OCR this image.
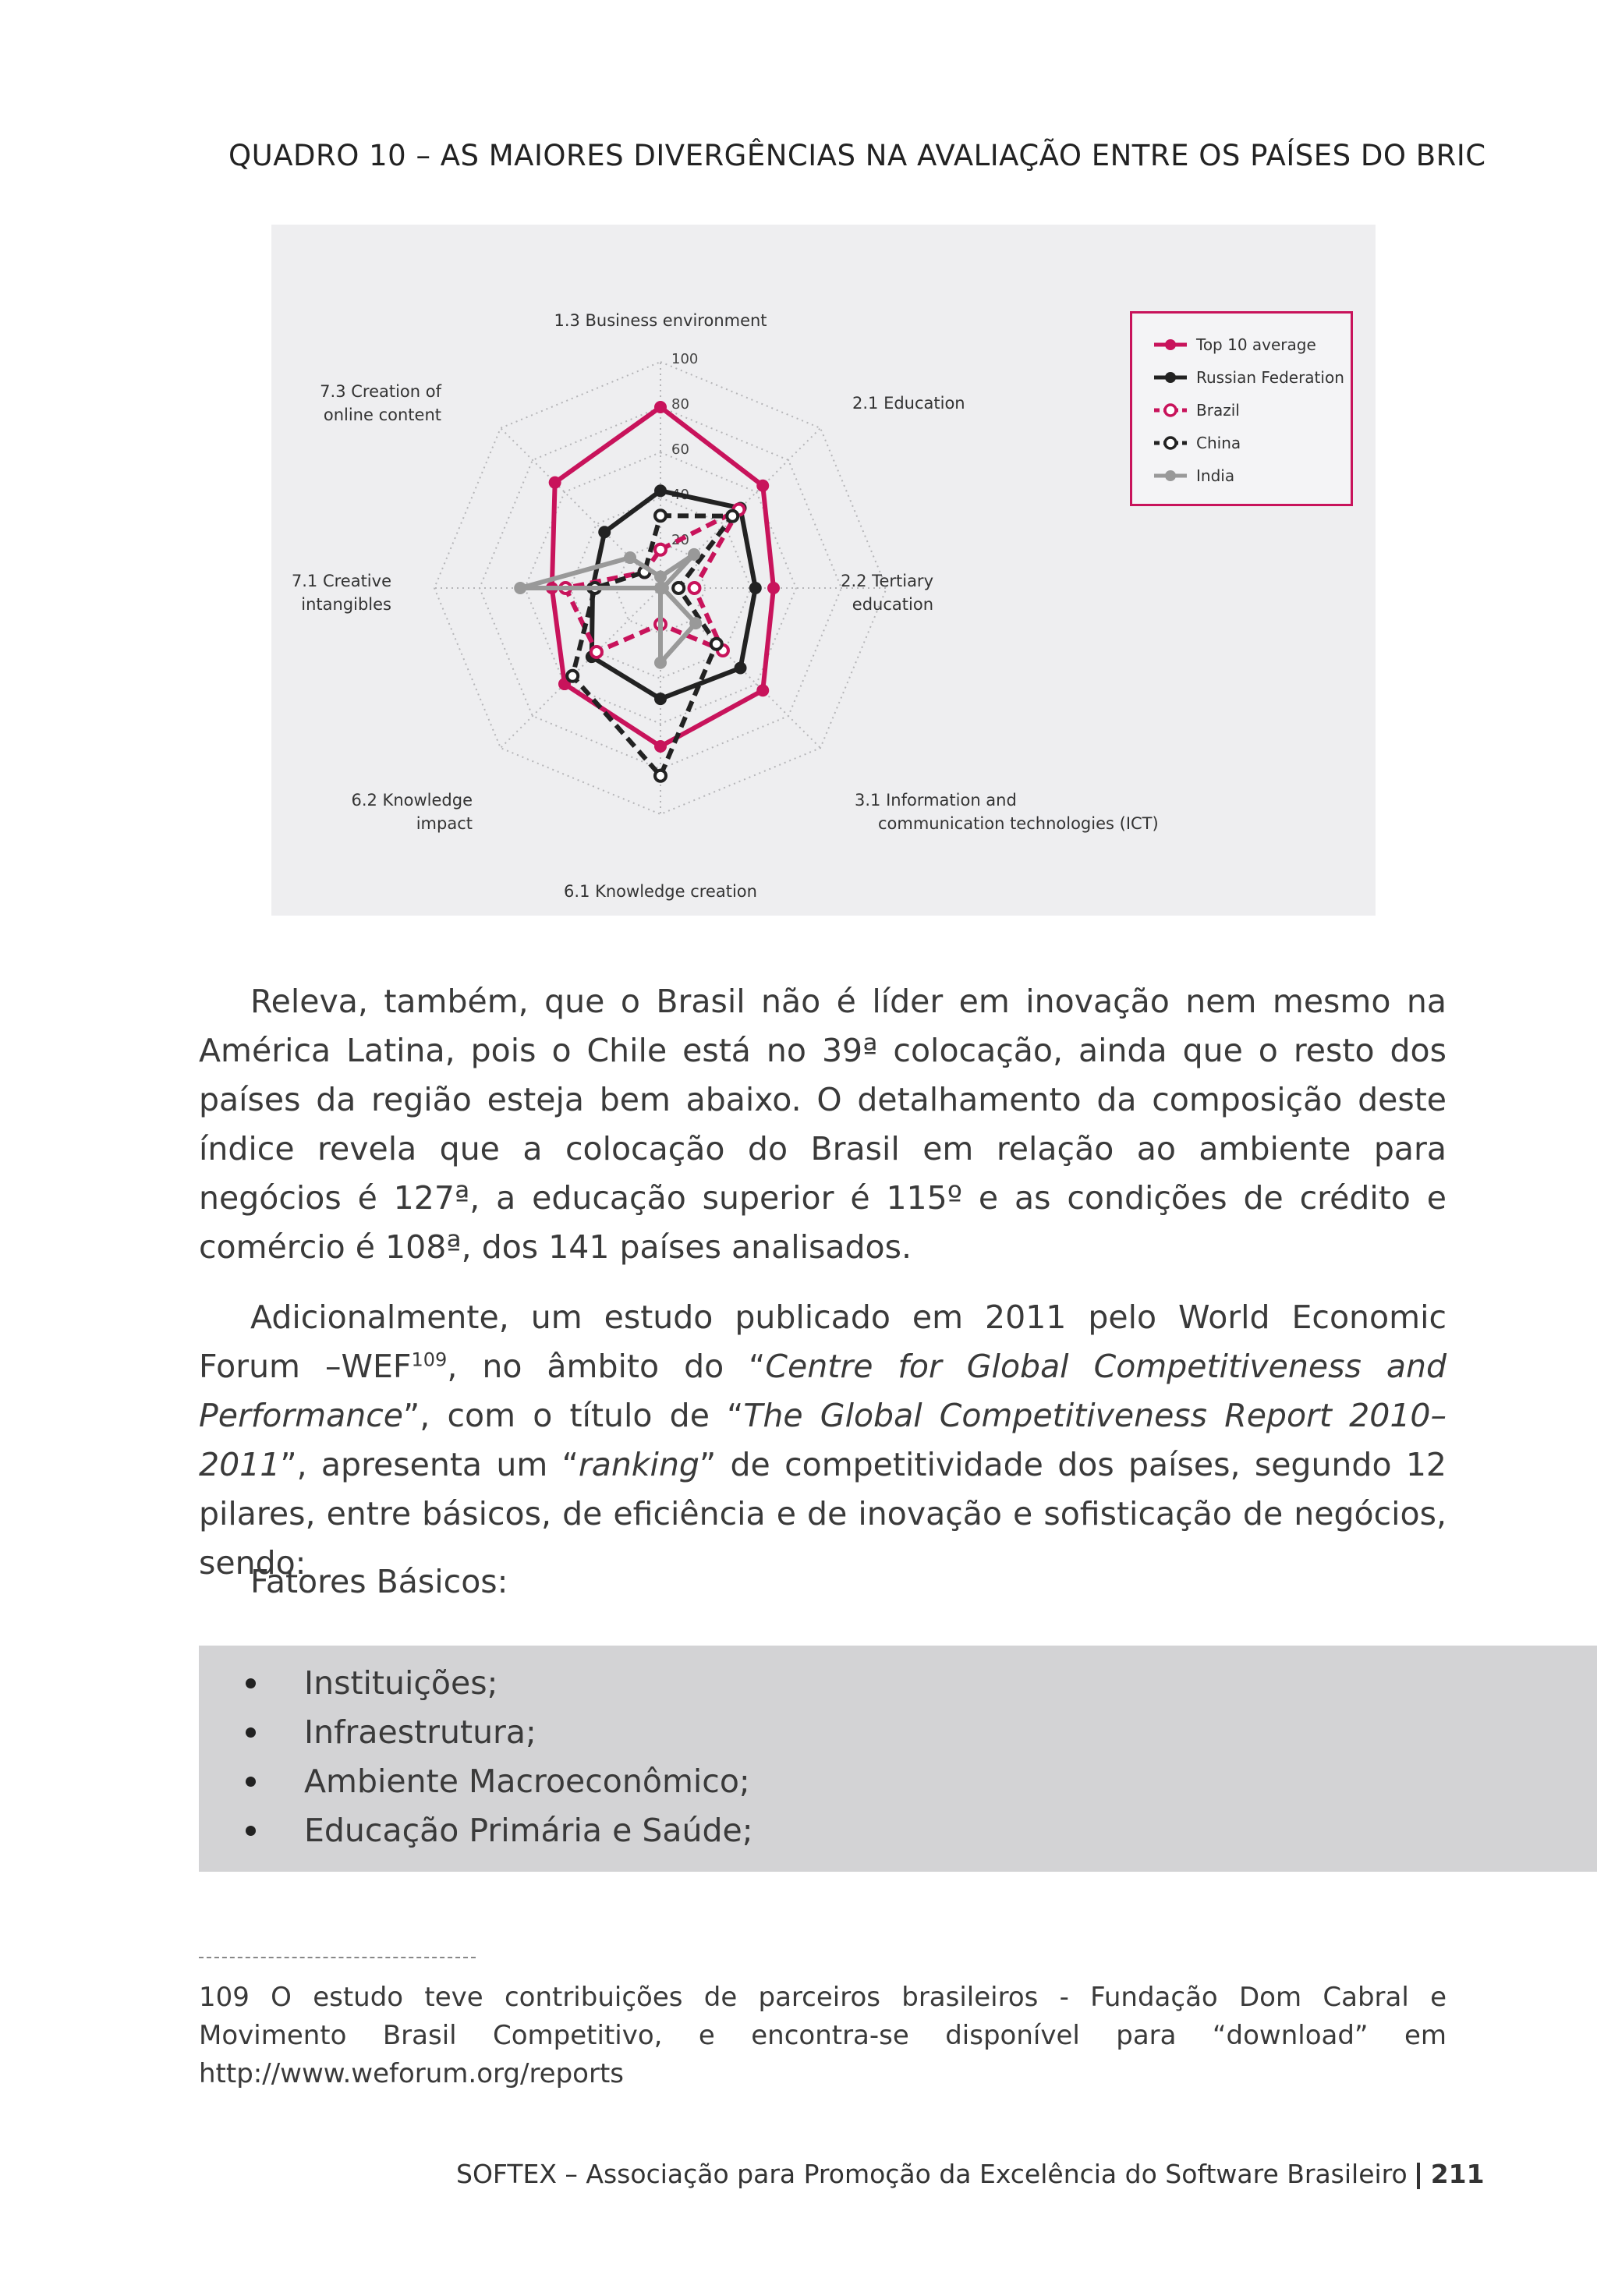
QUADRO 10 – AS MAIORES DIVERGÊNCIAS NA AVALIAÇÃO ENTRE OS PAÍSES DO BRIC
20
40
60
80
100
1.3 Business environment
2.1 Education
2.2 Tertiary
education
3.1 Information and
communication technologies (ICT)
6.1 Knowledge creation
6.2 Knowledge
impact
7.1 Creative
intangibles
7.3 Creation of
online content
Top 10 average
Russian Federation
Brazil
China
India

Releva, também, que o Brasil não é líder em inovação nem mesmo na América Latina, pois o Chile está no 39ª colocação, ainda que o resto dos países da região esteja bem abaixo. O detalhamento da composição deste índice revela que a colocação do Brasil em relação ao ambiente para negócios é 127ª, a educação superior é 115º e as condições de crédito e comércio é 108ª, dos 141 países analisados.

Adicionalmente, um estudo publicado em 2011 pelo World Economic Forum –WEF$^{109}$, no âmbito do “Centre for Global Competitiveness and Performance”, com o título de “The Global Competitiveness Report 2010–2011”, apresenta um “ranking” de competitividade dos países, segundo 12 pilares, entre básicos, de eficiência e de inovação e sofisticação de negócios, sendo:

Fatores Básicos:
Instituições;
Infraestrutura;
Ambiente Macroeconômico;
Educação Primária e Saúde;

109 O estudo teve contribuições de parceiros brasileiros - Fundação Dom Cabral e Movimento Brasil Competitivo, e encontra-se disponível para “download” em http://www.weforum.org/reports

SOFTEX – Associação para Promoção da Excelência do Software Brasileiro 211
